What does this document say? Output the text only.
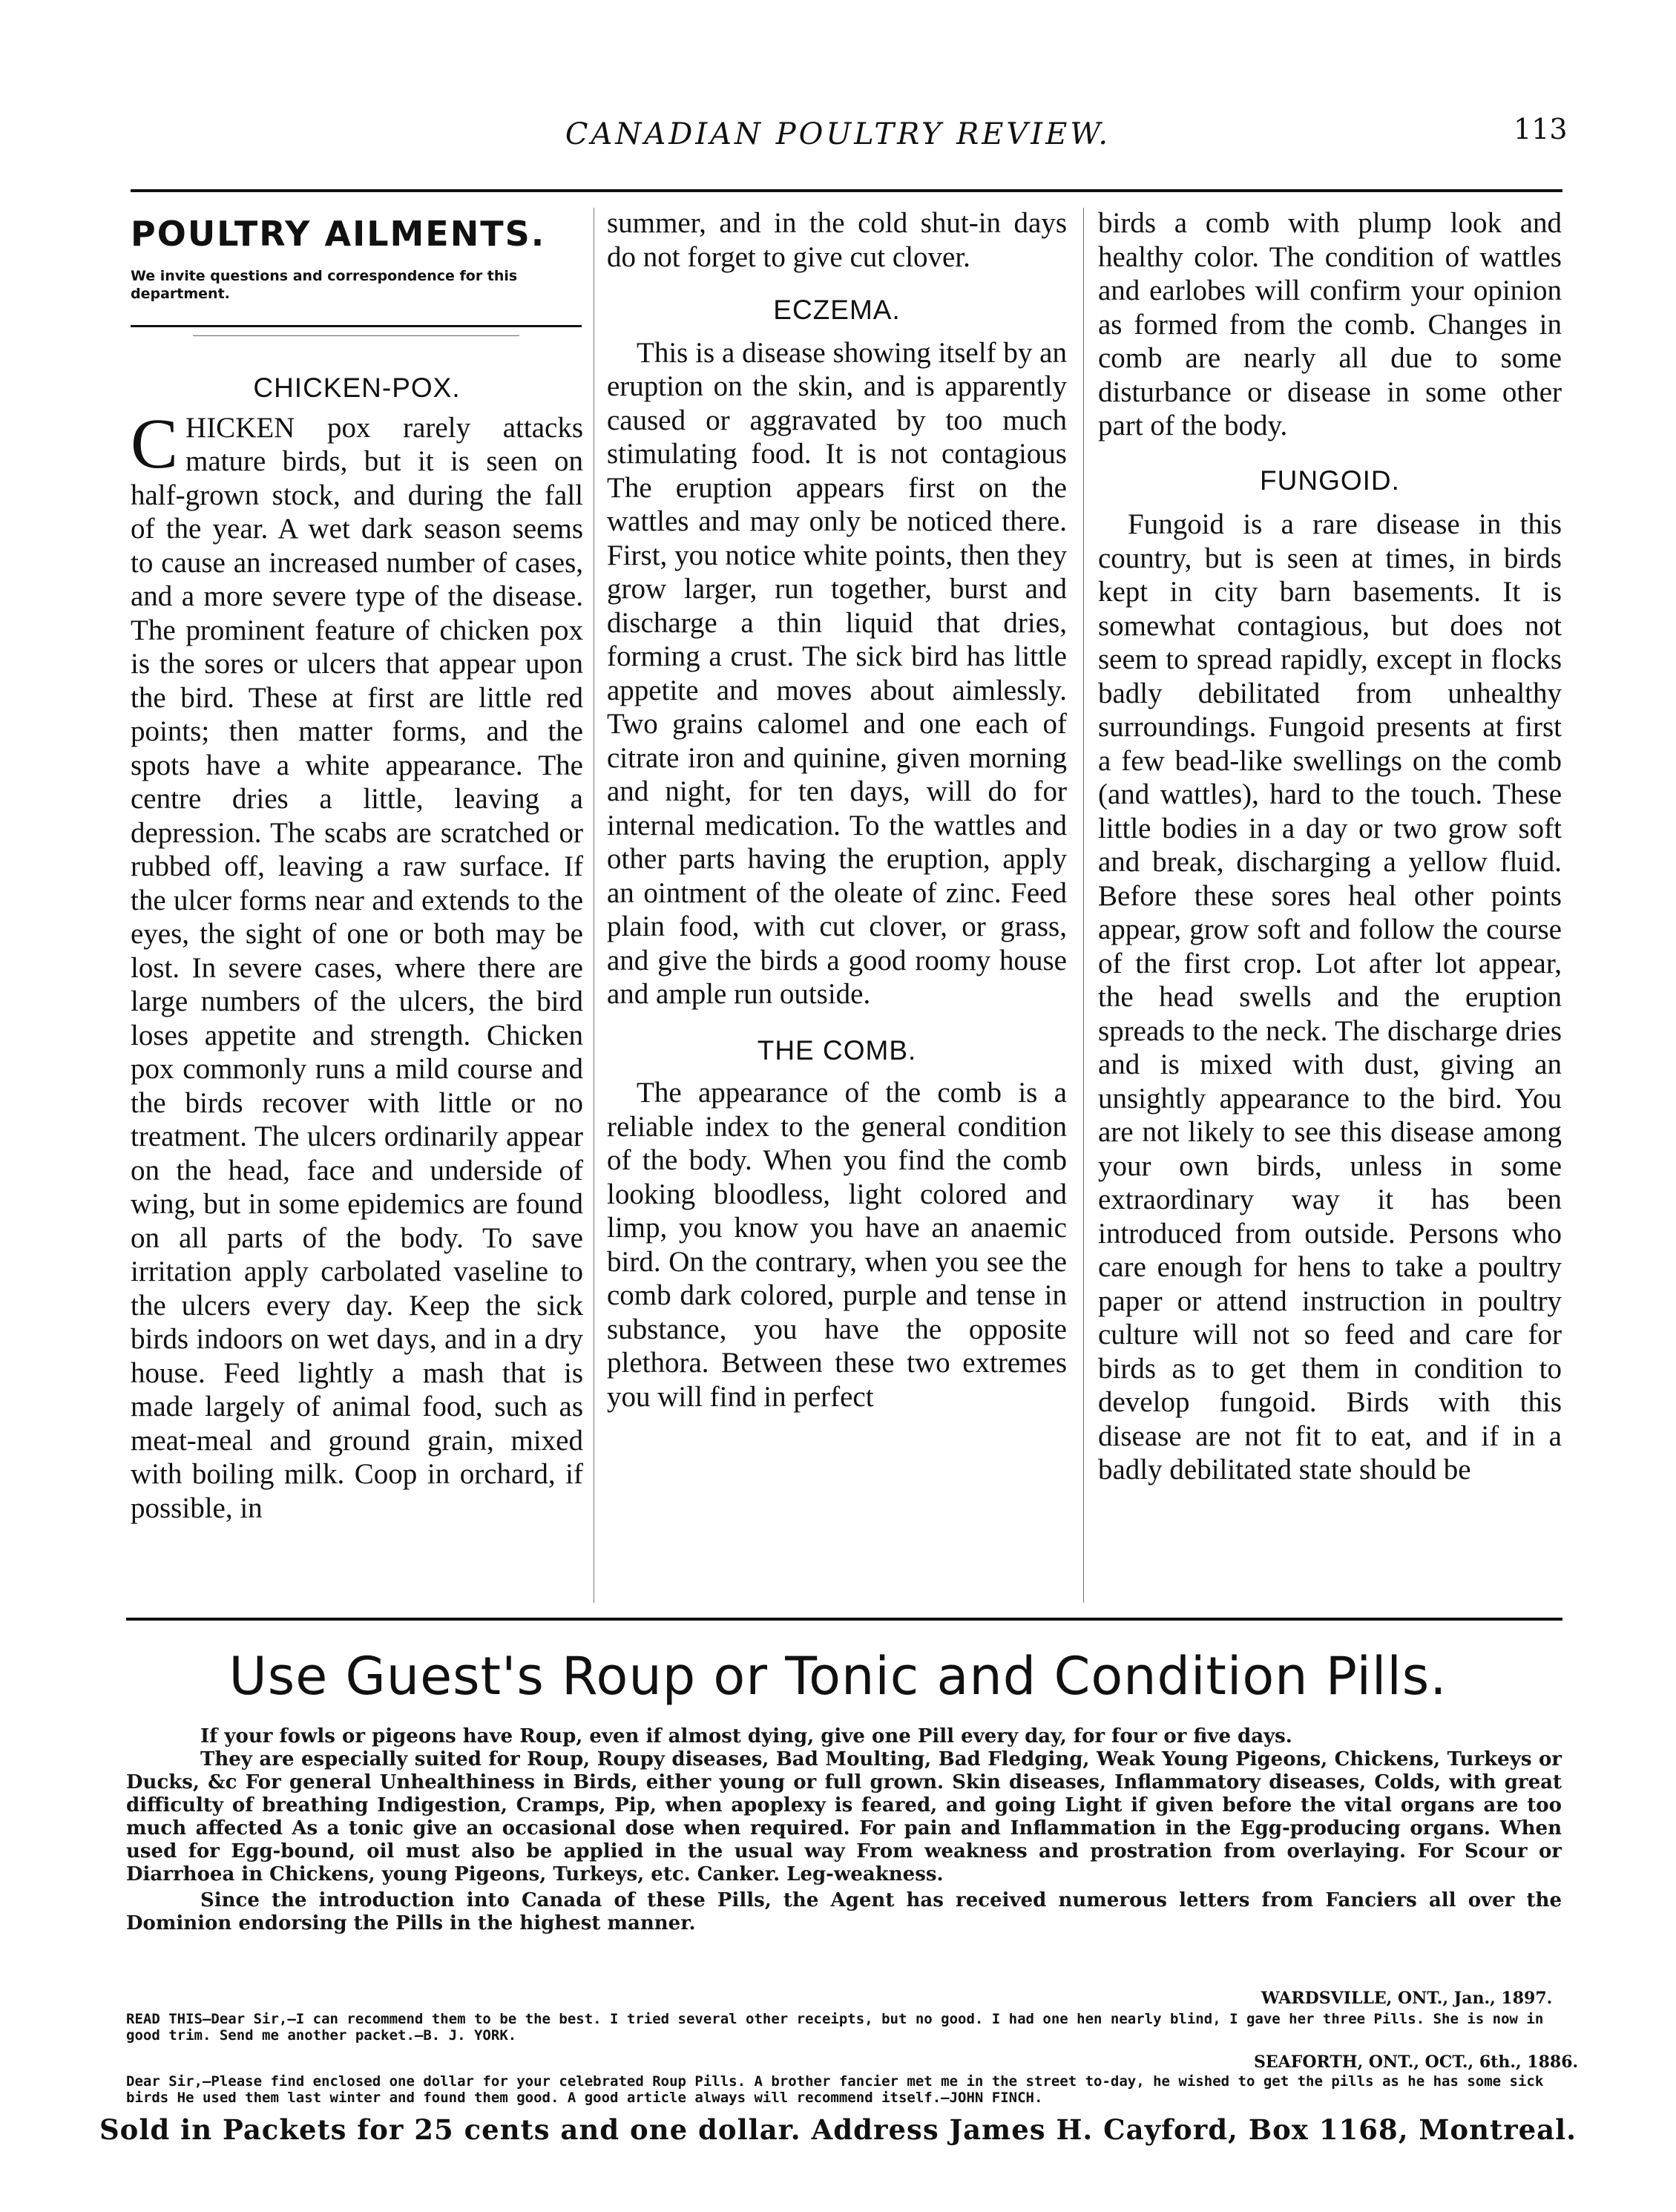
CANADIAN POULTRY REVIEW.	113
POULTRY AILMENTS.
We invite questions and correspondence for this department.

CHICKEN-POX.

CHICKEN pox rarely attacks mature birds, but it is seen on half-grown stock, and during the fall of the year. A wet dark season seems to cause an increased number of cases, and a more severe type of the disease. The prominent feature of chicken pox is the sores or ulcers that appear upon the bird. These at first are little red points; then matter forms, and the spots have a white appearance. The centre dries a little, leaving a depression. The scabs are scratched or rubbed off, leaving a raw surface. If the ulcer forms near and extends to the eyes, the sight of one or both may be lost. In severe cases, where there are large numbers of the ulcers, the bird loses appetite and strength. Chicken pox commonly runs a mild course and the birds recover with little or no treatment. The ulcers ordinarily appear on the head, face and underside of wing, but in some epidemics are found on all parts of the body. To save irritation apply carbolated vaseline to the ulcers every day. Keep the sick birds indoors on wet days, and in a dry house. Feed lightly a mash that is made largely of animal food, such as meat-meal and ground grain, mixed with boiling milk. Coop in orchard, if possible, in

summer, and in the cold shut-in days do not forget to give cut clover.

ECZEMA.

This is a disease showing itself by an eruption on the skin, and is apparently caused or aggravated by too much stimulating food. It is not contagious The eruption appears first on the wattles and may only be noticed there. First, you notice white points, then they grow larger, run together, burst and discharge a thin liquid that dries, forming a crust. The sick bird has little appetite and moves about aimlessly. Two grains calomel and one each of citrate iron and quinine, given morning and night, for ten days, will do for internal medication. To the wattles and other parts having the eruption, apply an ointment of the oleate of zinc. Feed plain food, with cut clover, or grass, and give the birds a good roomy house and ample run outside.

THE COMB.

The appearance of the comb is a reliable index to the general condition of the body. When you find the comb looking bloodless, light colored and limp, you know you have an anaemic bird. On the contrary, when you see the comb dark colored, purple and tense in substance, you have the opposite plethora. Between these two extremes you will find in perfect

birds a comb with plump look and healthy color. The condition of wattles and earlobes will confirm your opinion as formed from the comb. Changes in comb are nearly all due to some disturbance or disease in some other part of the body.

FUNGOID.

Fungoid is a rare disease in this country, but is seen at times, in birds kept in city barn basements. It is somewhat contagious, but does not seem to spread rapidly, except in flocks badly debilitated from unhealthy surroundings. Fungoid presents at first a few bead-like swellings on the comb (and wattles), hard to the touch. These little bodies in a day or two grow soft and break, discharging a yellow fluid. Before these sores heal other points appear, grow soft and follow the course of the first crop. Lot after lot appear, the head swells and the eruption spreads to the neck. The discharge dries and is mixed with dust, giving an unsightly appearance to the bird. You are not likely to see this disease among your own birds, unless in some extraordinary way it has been introduced from outside. Persons who care enough for hens to take a poultry paper or attend instruction in poultry culture will not so feed and care for birds as to get them in condition to develop fungoid. Birds with this disease are not fit to eat, and if in a badly debilitated state should be

Use Guest's Roup or Tonic and Condition Pills.

If your fowls or pigeons have Roup, even if almost dying, give one Pill every day, for four or five days.

They are especially suited for Roup, Roupy diseases, Bad Moulting, Bad Fledging, Weak Young Pigeons, Chickens, Turkeys or Ducks, &c For general Unhealthiness in Birds, either young or full grown. Skin diseases, Inflammatory diseases, Colds, with great difficulty of breathing Indigestion, Cramps, Pip, when apoplexy is feared, and going Light if given before the vital organs are too much affected As a tonic give an occasional dose when required. For pain and Inflammation in the Egg-producing organs. When used for Egg-bound, oil must also be applied in the usual way From weakness and prostration from overlaying. For Scour or Diarrhoea in Chickens, young Pigeons, Turkeys, etc. Canker. Leg-weakness.

Since the introduction into Canada of these Pills, the Agent has received numerous letters from Fanciers all over the Dominion endorsing the Pills in the highest manner.

WARDSVILLE, ONT., Jan., 1897.
READ THIS—Dear Sir,—I can recommend them to be the best. I tried several other receipts, but no good. I had one hen nearly blind, I gave her three Pills. She is now in good trim. Send me another packet.—B. J. YORK.
SEAFORTH, ONT., OCT., 6th., 1886.
Dear Sir,—Please find enclosed one dollar for your celebrated Roup Pills. A brother fancier met me in the street to-day, he wished to get the pills as he has some sick birds He used them last winter and found them good. A good article always will recommend itself.—JOHN FINCH.
Sold in Packets for 25 cents and one dollar. Address James H. Cayford, Box 1168, Montreal.
